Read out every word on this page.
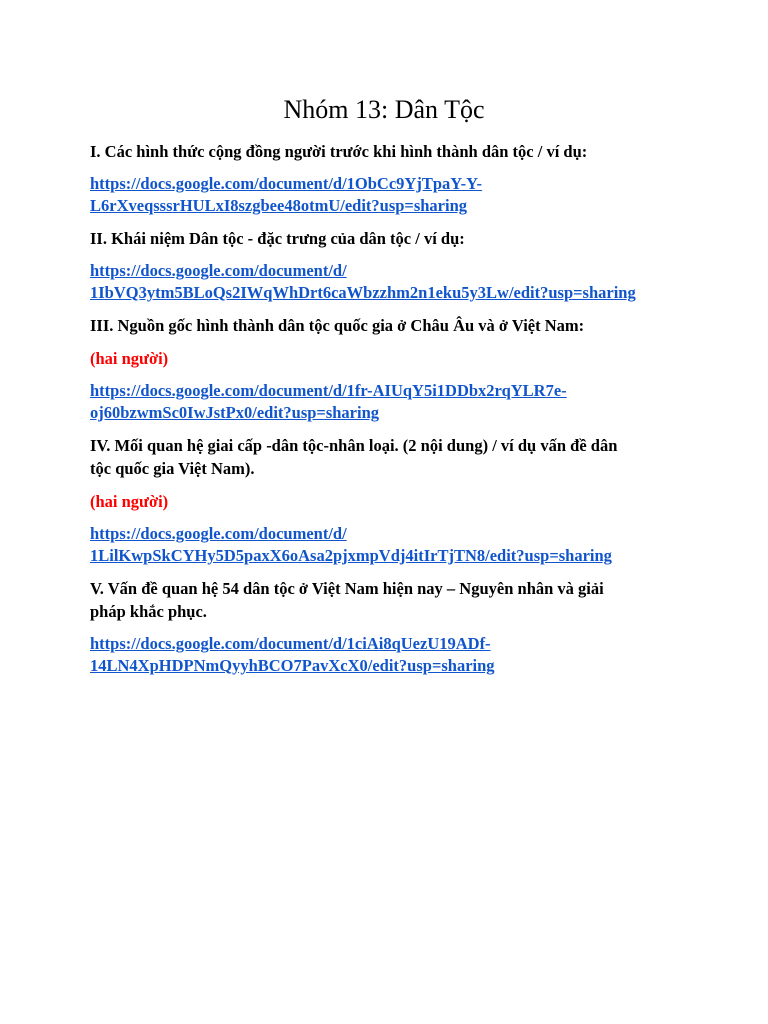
Nhóm 13: Dân Tộc
I. Các hình thức cộng đồng người trước khi hình thành dân tộc / ví dụ:
https://docs.google.com/document/d/1ObCc9YjTpaY-Y-
L6rXveqsssrHULxI8szgbee48otmU/edit?usp=sharing
II. Khái niệm Dân tộc - đặc trưng của dân tộc / ví dụ:
https://docs.google.com/document/d/
1IbVQ3ytm5BLoQs2IWqWhDrt6caWbzzhm2n1eku5y3Lw/edit?usp=sharing
III. Nguồn gốc hình thành dân tộc quốc gia ở Châu Âu và ở Việt Nam:
(hai người)
https://docs.google.com/document/d/1fr-AIUqY5i1DDbx2rqYLR7e-
oj60bzwmSc0IwJstPx0/edit?usp=sharing
IV. Mối quan hệ giai cấp -dân tộc-nhân loại. (2 nội dung) / ví dụ vấn đề dân
tộc quốc gia Việt Nam).
(hai người)
https://docs.google.com/document/d/
1LilKwpSkCYHy5D5paxX6oAsa2pjxmpVdj4itIrTjTN8/edit?usp=sharing
V. Vấn đề quan hệ 54 dân tộc ở Việt Nam hiện nay – Nguyên nhân và giải
pháp khắc phục.
https://docs.google.com/document/d/1ciAi8qUezU19ADf-
14LN4XpHDPNmQyyhBCO7PavXcX0/edit?usp=sharing
